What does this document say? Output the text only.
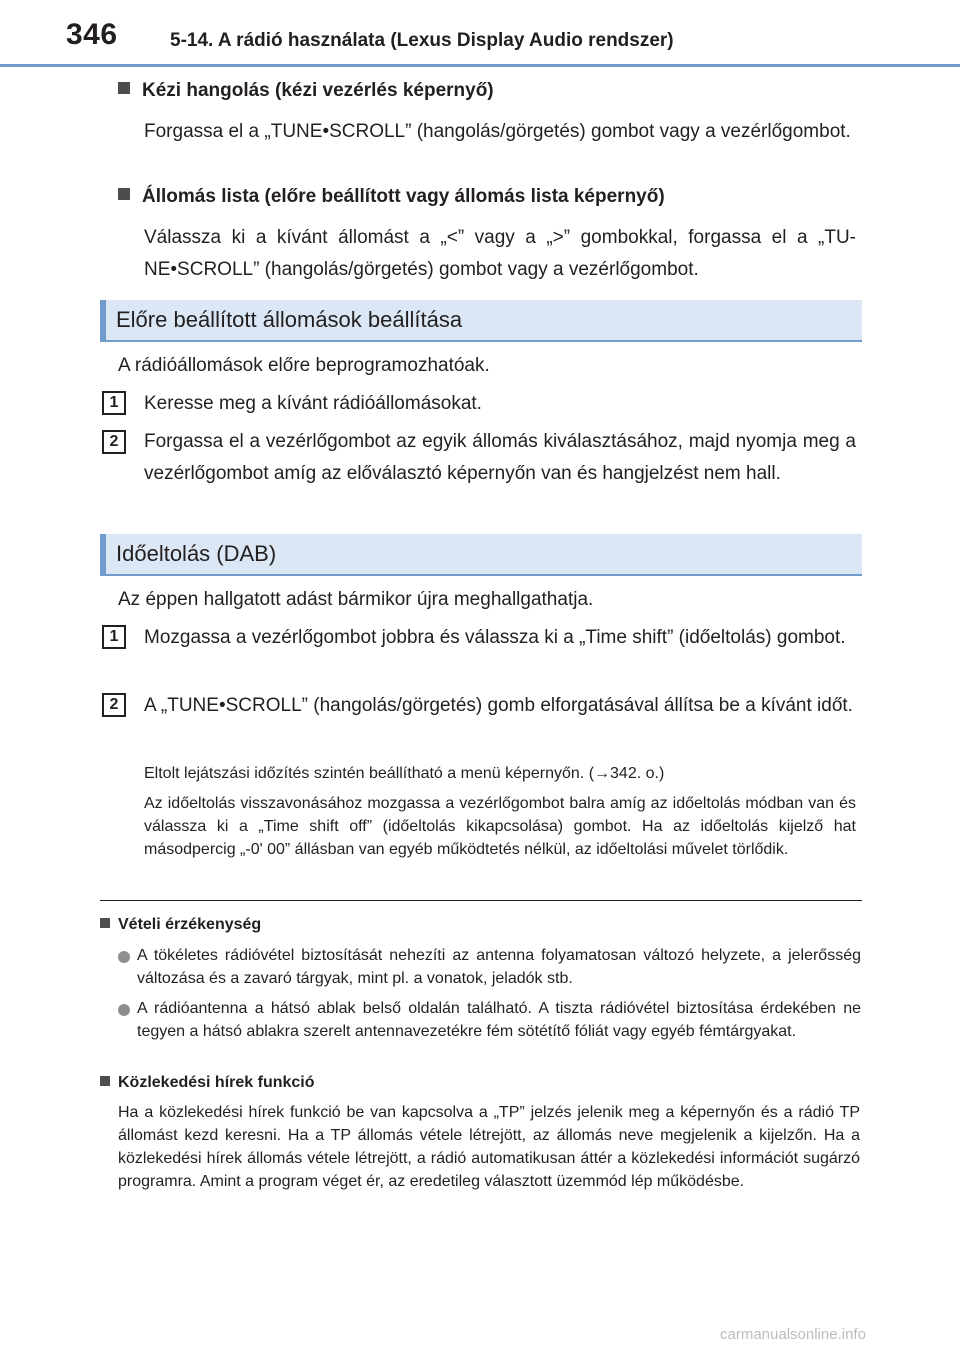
346	5-14. A rádió használata (Lexus Display Audio rendszer)
Kézi hangolás (kézi vezérlés képernyő)
Forgassa el a „TUNE•SCROLL” (hangolás/görgetés) gombot vagy a vezérlőgombot.
Állomás lista (előre beállított vagy állomás lista képernyő)
Válassza ki a kívánt állomást a „<” vagy a „>” gombokkal, forgassa el a „TUNE•SCROLL” (hangolás/görgetés) gombot vagy a vezérlőgombot.
Előre beállított állomások beállítása
A rádióállomások előre beprogramozhatóak.
1	Keresse meg a kívánt rádióállomásokat.
2	Forgassa el a vezérlőgombot az egyik állomás kiválasztásához, majd nyomja meg a vezérlőgombot amíg az előválasztó képernyőn van és hangjelzést nem hall.
Időeltolás (DAB)
Az éppen hallgatott adást bármikor újra meghallgathatja.
1	Mozgassa a vezérlőgombot jobbra és válassza ki a „Time shift” (időeltolás) gombot.
2	A „TUNE•SCROLL” (hangolás/görgetés) gomb elforgatásával állítsa be a kívánt időt.
Eltolt lejátszási időzítés szintén beállítható a menü képernyőn. (→342. o.)
Az időeltolás visszavonásához mozgassa a vezérlőgombot balra amíg az időeltolás módban van és válassza ki a „Time shift off” (időeltolás kikapcsolása) gombot. Ha az időeltolás kijelző hat másodpercig „-0' 00” állásban van egyéb működtetés nélkül, az időeltolási művelet törlődik.
Vételi érzékenység
A tökéletes rádióvétel biztosítását nehezíti az antenna folyamatosan változó helyzete, a jelerősség változása és a zavaró tárgyak, mint pl. a vonatok, jeladók stb.
A rádióantenna a hátsó ablak belső oldalán található. A tiszta rádióvétel biztosítása érdekében ne tegyen a hátsó ablakra szerelt antennavezetékre fém sötétítő fóliát vagy egyéb fémtárgyakat.
Közlekedési hírek funkció
Ha a közlekedési hírek funkció be van kapcsolva a „TP” jelzés jelenik meg a képernyőn és a rádió TP állomást kezd keresni. Ha a TP állomás vétele létrejött, az állomás neve megjelenik a kijelzőn. Ha a közlekedési hírek állomás vétele létrejött, a rádió automatikusan áttér a közlekedési információt sugárzó programra. Amint a program véget ér, az eredetileg választott üzemmód lép működésbe.
carmanualsonline.info
